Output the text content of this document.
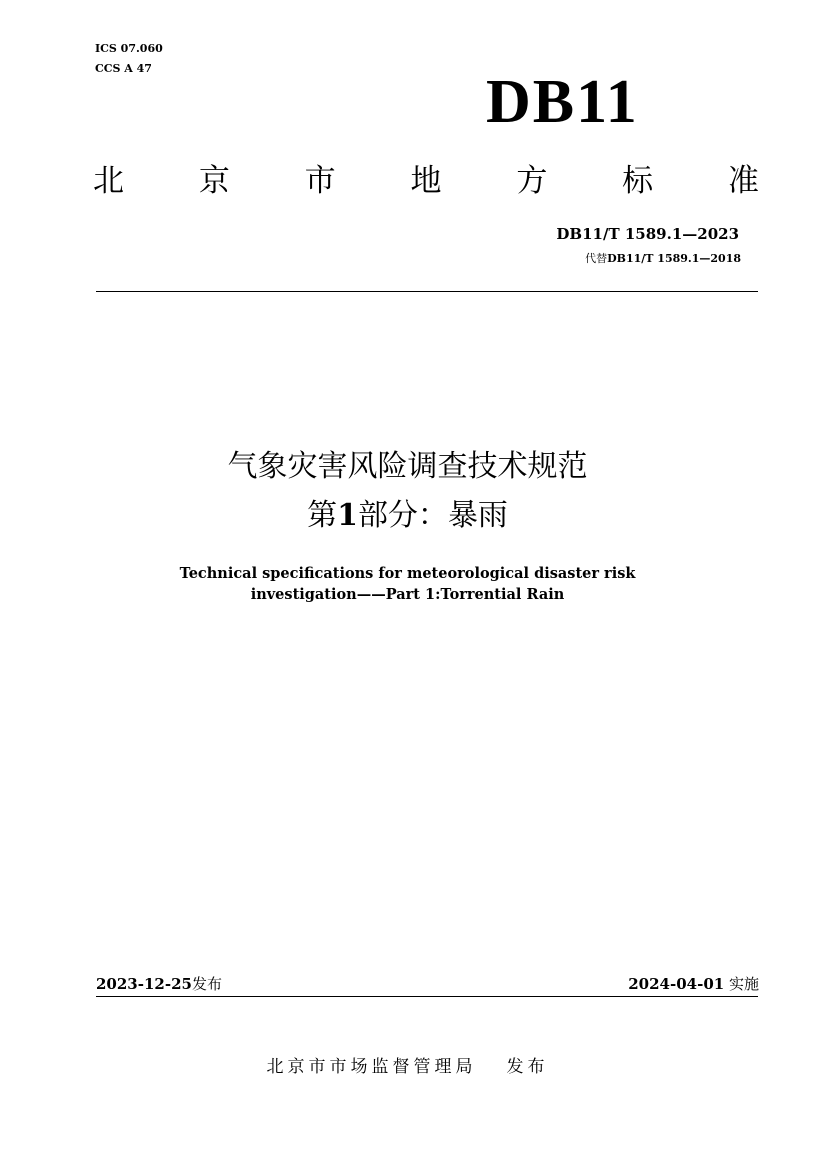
ICS 07.060
CCS A 47	DB11
北 京 市 地 方 标 准
DB11/T 1589.1—2023
代替DB11/T 1589.1—2018
气象灾害风险调查技术规范
第1部分：暴雨
Technical specifications for meteorological disaster risk
investigation——Part 1:Torrential Rain
2023-12-25发布	2024-04-01 实施
北京市市场监督管理局 发布
